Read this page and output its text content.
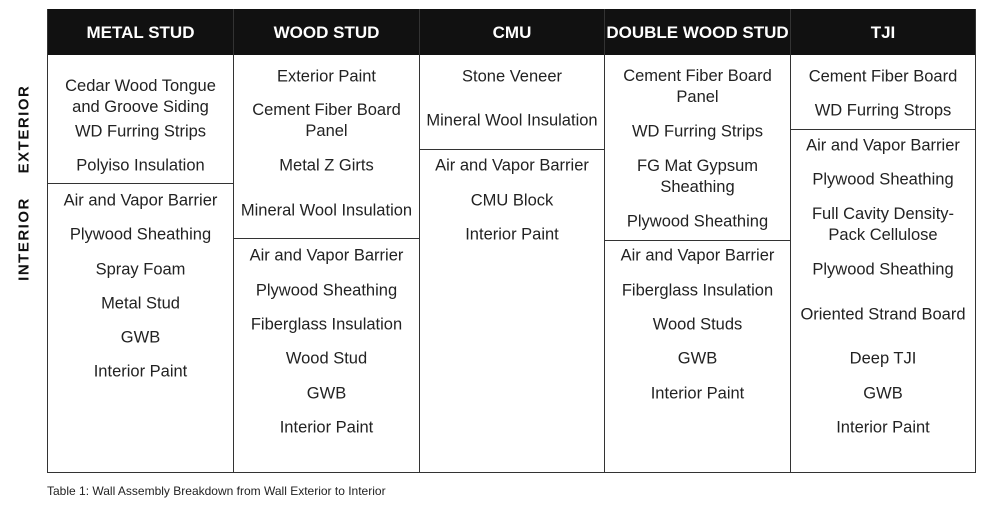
EXTERIOR
INTERIOR
METAL STUD
Cedar Wood Tongue and Groove Siding
WD Furring Strips
Polyiso Insulation
Air and Vapor Barrier
Plywood Sheathing
Spray Foam
Metal Stud
GWB
Interior Paint
WOOD STUD
Exterior Paint
Cement Fiber Board Panel
Metal Z Girts
Mineral Wool Insulation
Air and Vapor Barrier
Plywood Sheathing
Fiberglass Insulation
Wood Stud
GWB
Interior Paint
CMU
Stone Veneer
Mineral Wool Insulation
Air and Vapor Barrier
CMU Block
Interior Paint
DOUBLE WOOD STUD
Cement Fiber Board Panel
WD Furring Strips
FG Mat Gypsum Sheathing
Plywood Sheathing
Air and Vapor Barrier
Fiberglass Insulation
Wood Studs
GWB
Interior Paint
TJI
Cement Fiber Board
WD Furring Strops
Air and Vapor Barrier
Plywood Sheathing
Full Cavity Density-Pack Cellulose
Plywood Sheathing
Oriented Strand Board
Deep TJI
GWB
Interior Paint
Table 1: Wall Assembly Breakdown from Wall Exterior to Interior
